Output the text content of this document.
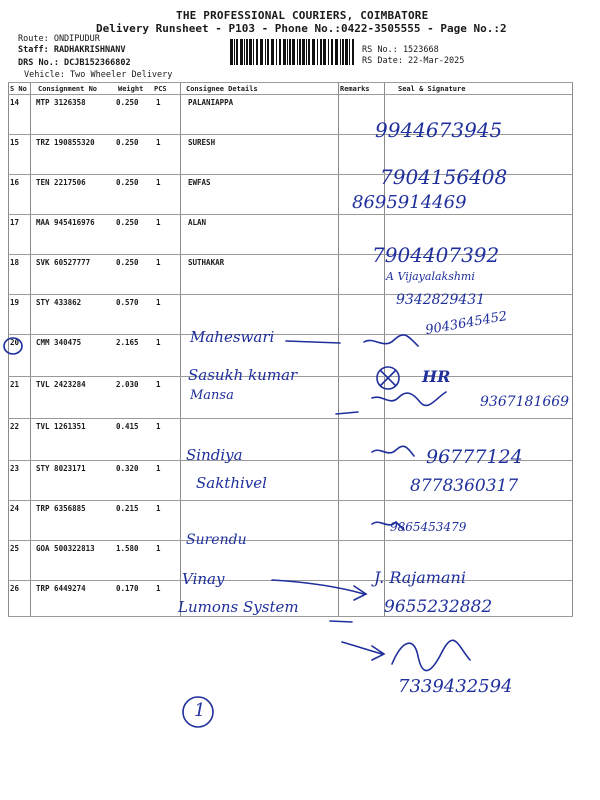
THE PROFESSIONAL COURIERS, COIMBATORE
Delivery Runsheet - P103 - Phone No.:0422-3505555 - Page No.:2
Route: ONDIPUDUR
Staff: RADHAKRISHNANV
DRS No.: DCJB152366802
Vehicle: Two Wheeler Delivery
RS No.: 1523668
RS Date: 22-Mar-2025
S No Consignment No	Weight PCS	Consignee Details	Remarks	Seal & Signature
14 MTP 3126358	0.250 1	PALANIAPPA
15 TRZ 190855320	0.250 1	SURESH
16 TEN 2217506	0.250 1	EWFAS
17 MAA 945416976	0.250 1	ALAN
18 SVK 60527777	0.250 1	SUTHAKAR
19 STY 433862	0.570 1
20 CMM 340475	2.165 1
21 TVL 2423284	2.030 1
22 TVL 1261351	0.415 1
23 STY 8023171	0.320 1
24 TRP 6356885	0.215 1
25 GOA 500322813	1.580 1
26 TRP 6449274	0.170 1
9944673945
7904156408
8695914469
7904407392
A Vijayalakshmi
9342829431
9043645452
Maheswari
HR
Sasukh kumar
Mansa	9367181669
Sindiya	96777124
Sakthivel	8778360317
9865453479
Surendu
Vinay	J. Rajamani
Lumons System	9655232882
7339432594
1
